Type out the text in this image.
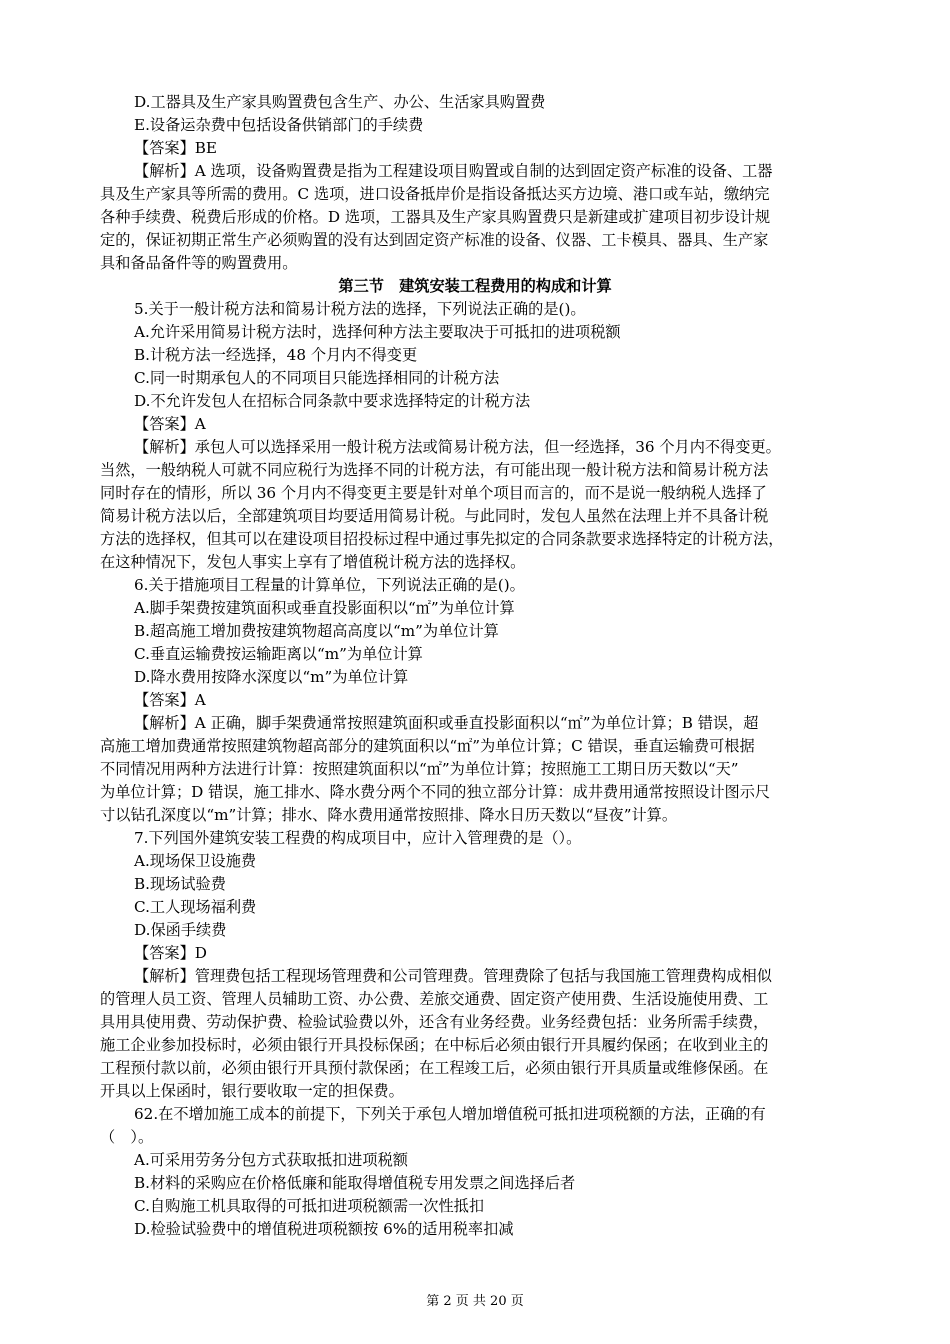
D.工器具及生产家具购置费包含生产、办公、生活家具购置费
E.设备运杂费中包括设备供销部门的手续费
【答案】BE
【解析】A 选项，设备购置费是指为工程建设项目购置或自制的达到固定资产标准的设备、工器
具及生产家具等所需的费用。C 选项，进口设备抵岸价是指设备抵达买方边境、港口或车站，缴纳完
各种手续费、税费后形成的价格。D 选项，工器具及生产家具购置费只是新建或扩建项目初步设计规
定的，保证初期正常生产必须购置的没有达到固定资产标准的设备、仪器、工卡模具、器具、生产家
具和备品备件等的购置费用。
第三节　建筑安装工程费用的构成和计算
5.关于一般计税方法和简易计税方法的选择，下列说法正确的是()。
A.允许采用简易计税方法时，选择何种方法主要取决于可抵扣的进项税额
B.计税方法一经选择，48 个月内不得变更
C.同一时期承包人的不同项目只能选择相同的计税方法
D.不允许发包人在招标合同条款中要求选择特定的计税方法
【答案】A
【解析】承包人可以选择采用一般计税方法或简易计税方法，但一经选择，36 个月内不得变更。
当然，一般纳税人可就不同应税行为选择不同的计税方法，有可能出现一般计税方法和简易计税方法
同时存在的情形，所以 36 个月内不得变更主要是针对单个项目而言的，而不是说一般纳税人选择了
简易计税方法以后，全部建筑项目均要适用简易计税。与此同时，发包人虽然在法理上并不具备计税
方法的选择权，但其可以在建设项目招投标过程中通过事先拟定的合同条款要求选择特定的计税方法，
在这种情况下，发包人事实上享有了增值税计税方法的选择权。
6.关于措施项目工程量的计算单位，下列说法正确的是()。
A.脚手架费按建筑面积或垂直投影面积以“㎡”为单位计算
B.超高施工增加费按建筑物超高高度以“m”为单位计算
C.垂直运输费按运输距离以“m”为单位计算
D.降水费用按降水深度以“m”为单位计算
【答案】A
【解析】A 正确，脚手架费通常按照建筑面积或垂直投影面积以“㎡”为单位计算；B 错误，超
高施工增加费通常按照建筑物超高部分的建筑面积以“㎡”为单位计算；C 错误，垂直运输费可根据
不同情况用两种方法进行计算：按照建筑面积以“㎡”为单位计算；按照施工工期日历天数以“天”
为单位计算；D 错误，施工排水、降水费分两个不同的独立部分计算：成井费用通常按照设计图示尺
寸以钻孔深度以“m”计算；排水、降水费用通常按照排、降水日历天数以“昼夜”计算。
7.下列国外建筑安装工程费的构成项目中，应计入管理费的是（）。
A.现场保卫设施费
B.现场试验费
C.工人现场福利费
D.保函手续费
【答案】D
【解析】管理费包括工程现场管理费和公司管理费。管理费除了包括与我国施工管理费构成相似
的管理人员工资、管理人员辅助工资、办公费、差旅交通费、固定资产使用费、生活设施使用费、工
具用具使用费、劳动保护费、检验试验费以外，还含有业务经费。业务经费包括：业务所需手续费，
施工企业参加投标时，必须由银行开具投标保函；在中标后必须由银行开具履约保函；在收到业主的
工程预付款以前，必须由银行开具预付款保函；在工程竣工后，必须由银行开具质量或维修保函。在
开具以上保函时，银行要收取一定的担保费。
62.在不增加施工成本的前提下，下列关于承包人增加增值税可抵扣进项税额的方法，正确的有
（　）。
A.可采用劳务分包方式获取抵扣进项税额
B.材料的采购应在价格低廉和能取得增值税专用发票之间选择后者
C.自购施工机具取得的可抵扣进项税额需一次性抵扣
D.检验试验费中的增值税进项税额按 6%的适用税率扣减
第 2 页 共 20 页
